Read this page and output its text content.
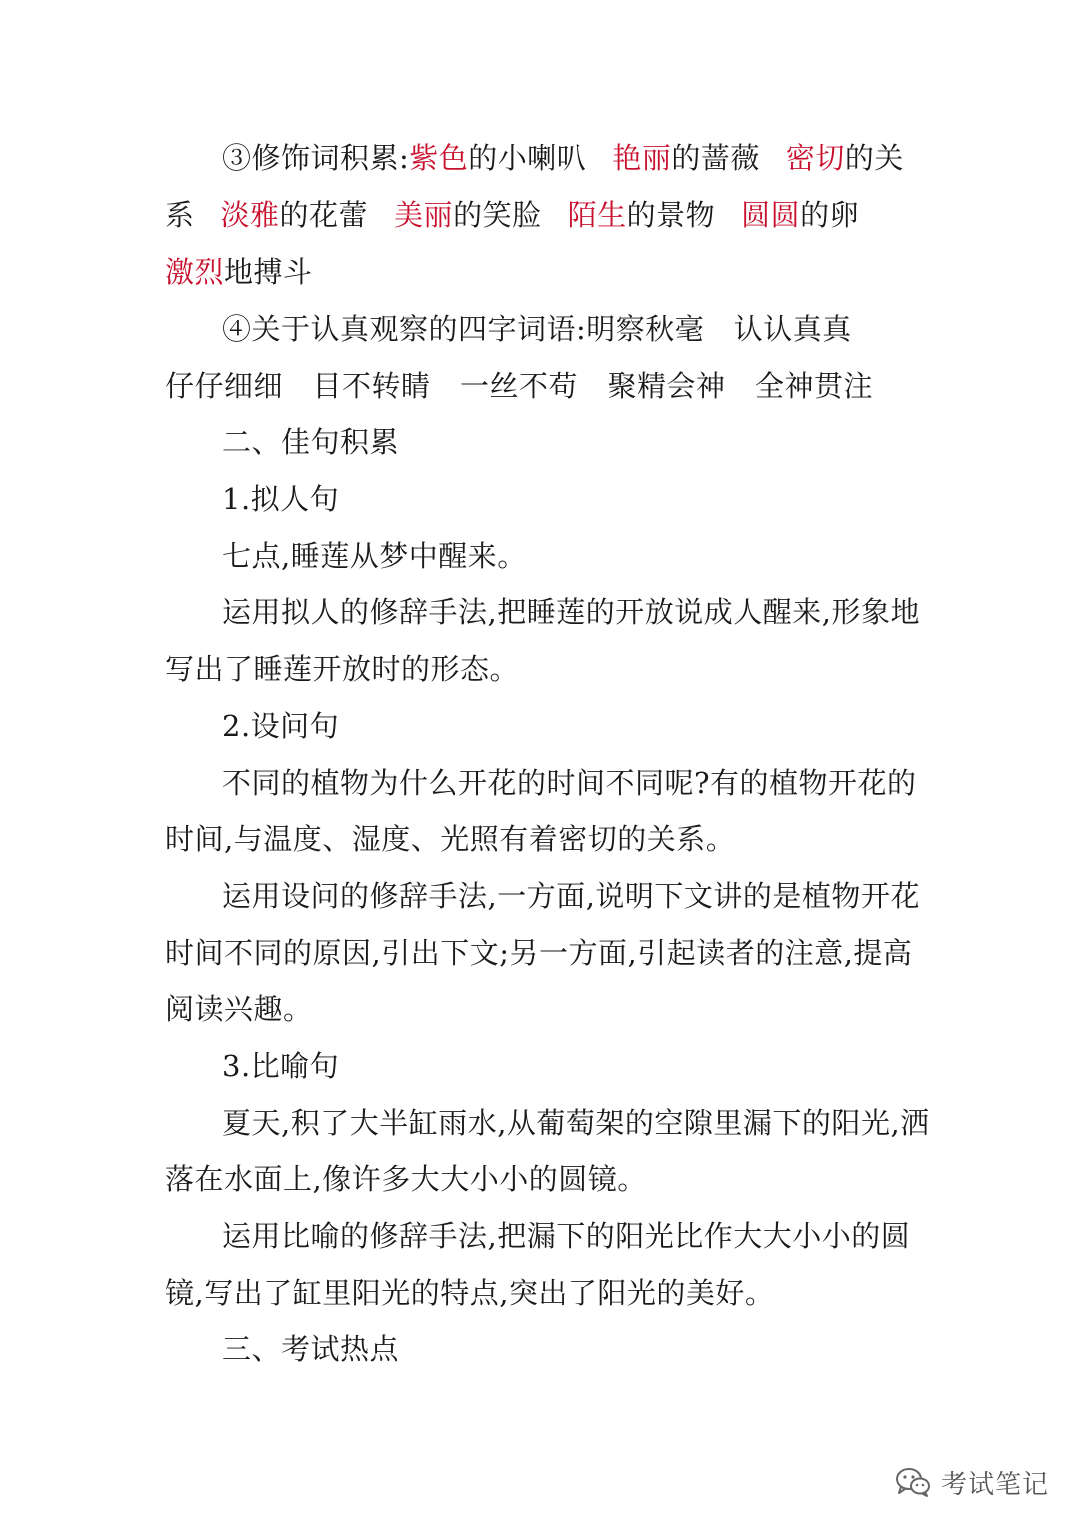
③修饰词积累:紫色的小喇叭 艳丽的蔷薇 密切的关
系 淡雅的花蕾 美丽的笑脸 陌生的景物 圆圆的卵
激烈地搏斗
④关于认真观察的四字词语:明察秋毫　认认真真
仔仔细细　目不转睛　一丝不苟　聚精会神　全神贯注
二、佳句积累
1.拟人句
七点,睡莲从梦中醒来。
运用拟人的修辞手法,把睡莲的开放说成人醒来,形象地
写出了睡莲开放时的形态。
2.设问句
不同的植物为什么开花的时间不同呢?有的植物开花的
时间,与温度、湿度、光照有着密切的关系。
运用设问的修辞手法,一方面,说明下文讲的是植物开花
时间不同的原因,引出下文;另一方面,引起读者的注意,提高
阅读兴趣。
3.比喻句
夏天,积了大半缸雨水,从葡萄架的空隙里漏下的阳光,洒
落在水面上,像许多大大小小的圆镜。
运用比喻的修辞手法,把漏下的阳光比作大大小小的圆
镜,写出了缸里阳光的特点,突出了阳光的美好。
三、考试热点
考试笔记
